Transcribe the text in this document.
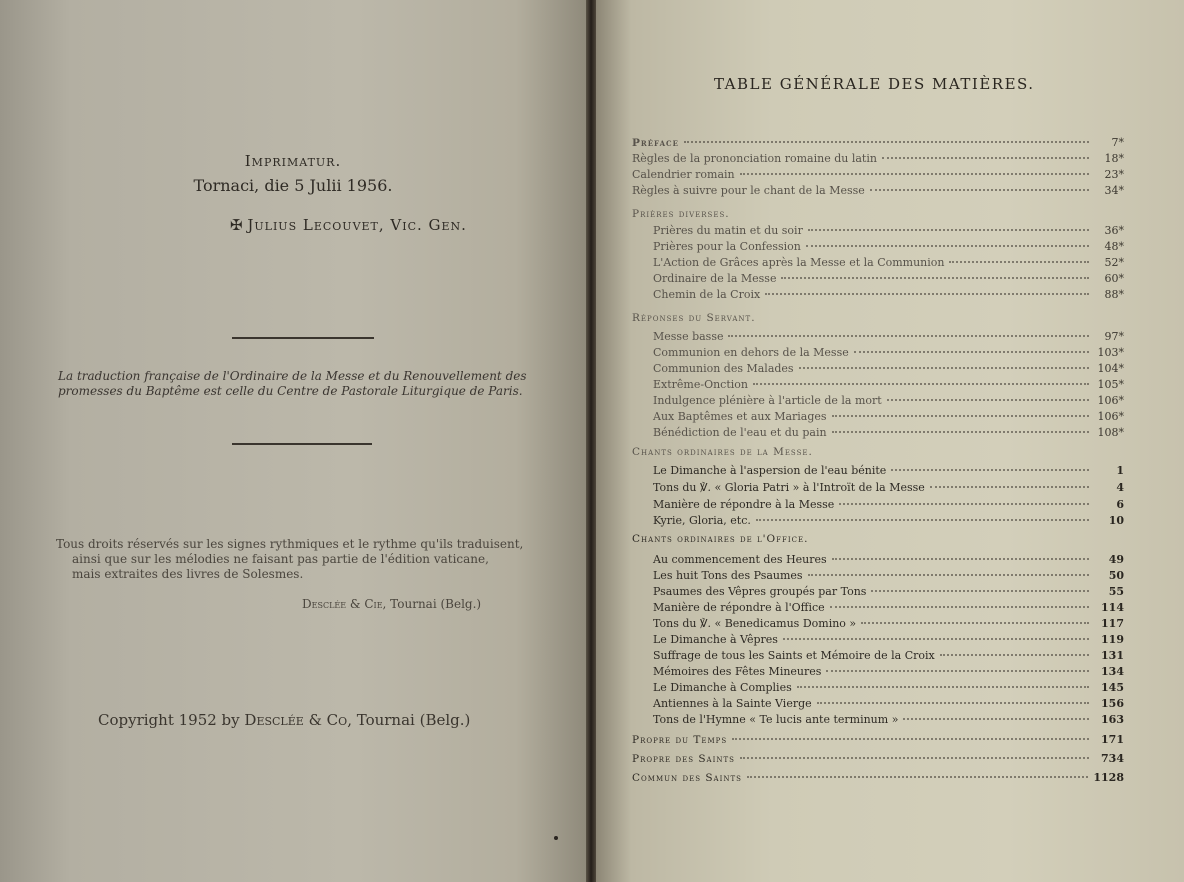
Imprimatur.
Tornaci, die 5 Julii 1956.
✠ Julius Lecouvet, Vic. Gen.
La traduction française de l'Ordinaire de la Messe et du Renouvellement des promesses du Baptême est celle du Centre de Pastorale Liturgique de Paris.
Tous droits réservés sur les signes rythmiques et le rythme qu'ils traduisent,
ainsi que sur les mélodies ne faisant pas partie de l'édition vaticane,
mais extraites des livres de Solesmes.
Desclée & Cie, Tournai (Belg.)
Copyright 1952 by Desclée & Co, Tournai (Belg.)
TABLE GÉNÉRALE DES MATIÈRES.
Préface	7*
Règles de la prononciation romaine du latin	18*
Calendrier romain	23*
Règles à suivre pour le chant de la Messe	34*
Prières diverses.
Prières du matin et du soir	36*
Prières pour la Confession	48*
L'Action de Grâces après la Messe et la Communion	52*
Ordinaire de la Messe	60*
Chemin de la Croix	88*
Réponses du Servant.
Messe basse	97*
Communion en dehors de la Messe	103*
Communion des Malades	104*
Extrême-Onction	105*
Indulgence plénière à l'article de la mort	106*
Aux Baptêmes et aux Mariages	106*
Bénédiction de l'eau et du pain	108*
Chants ordinaires de la Messe.
Le Dimanche à l'aspersion de l'eau bénite	1
Tons du ℣. « Gloria Patri » à l'Introït de la Messe	4
Manière de répondre à la Messe	6
Kyrie, Gloria, etc.	10
Chants ordinaires de l'Office.
Au commencement des Heures	49
Les huit Tons des Psaumes	50
Psaumes des Vêpres groupés par Tons	55
Manière de répondre à l'Office	114
Tons du ℣. « Benedicamus Domino »	117
Le Dimanche à Vêpres	119
Suffrage de tous les Saints et Mémoire de la Croix	131
Mémoires des Fêtes Mineures	134
Le Dimanche à Complies	145
Antiennes à la Sainte Vierge	156
Tons de l'Hymne « Te lucis ante terminum »	163
Propre du Temps	171
Propre des Saints	734
Commun des Saints	1128
